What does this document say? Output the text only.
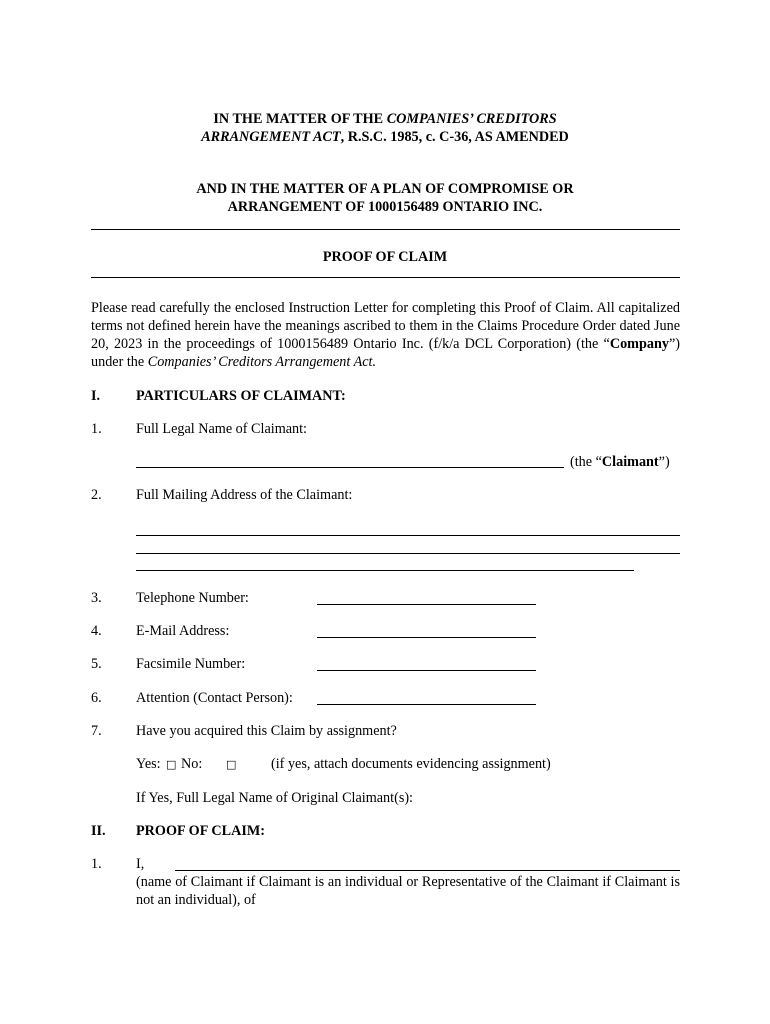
IN THE MATTER OF THE COMPANIES’ CREDITORS
ARRANGEMENT ACT, R.S.C. 1985, c. C-36, AS AMENDED
AND IN THE MATTER OF A PLAN OF COMPROMISE OR
ARRANGEMENT OF 1000156489 ONTARIO INC.
PROOF OF CLAIM
Please read carefully the enclosed Instruction Letter for completing this Proof of Claim. All capitalized terms not defined herein have the meanings ascribed to them in the Claims Procedure Order dated June 20, 2023 in the proceedings of 1000156489 Ontario Inc. (f/k/a DCL Corporation) (the “Company”) under the Companies’ Creditors Arrangement Act.
I.	PARTICULARS OF CLAIMANT:
1. Full Legal Name of Claimant:
(the “Claimant”)
2. Full Mailing Address of the Claimant:
3. Telephone Number:
4. E-Mail Address:
5. Facsimile Number:
6. Attention (Contact Person):
7. Have you acquired this Claim by assignment?
Yes: □ No: □ (if yes, attach documents evidencing assignment)
If Yes, Full Legal Name of Original Claimant(s):
II. PROOF OF CLAIM:
1. I,
(name of Claimant if Claimant is an individual or Representative of the Claimant if Claimant is not an individual), of
